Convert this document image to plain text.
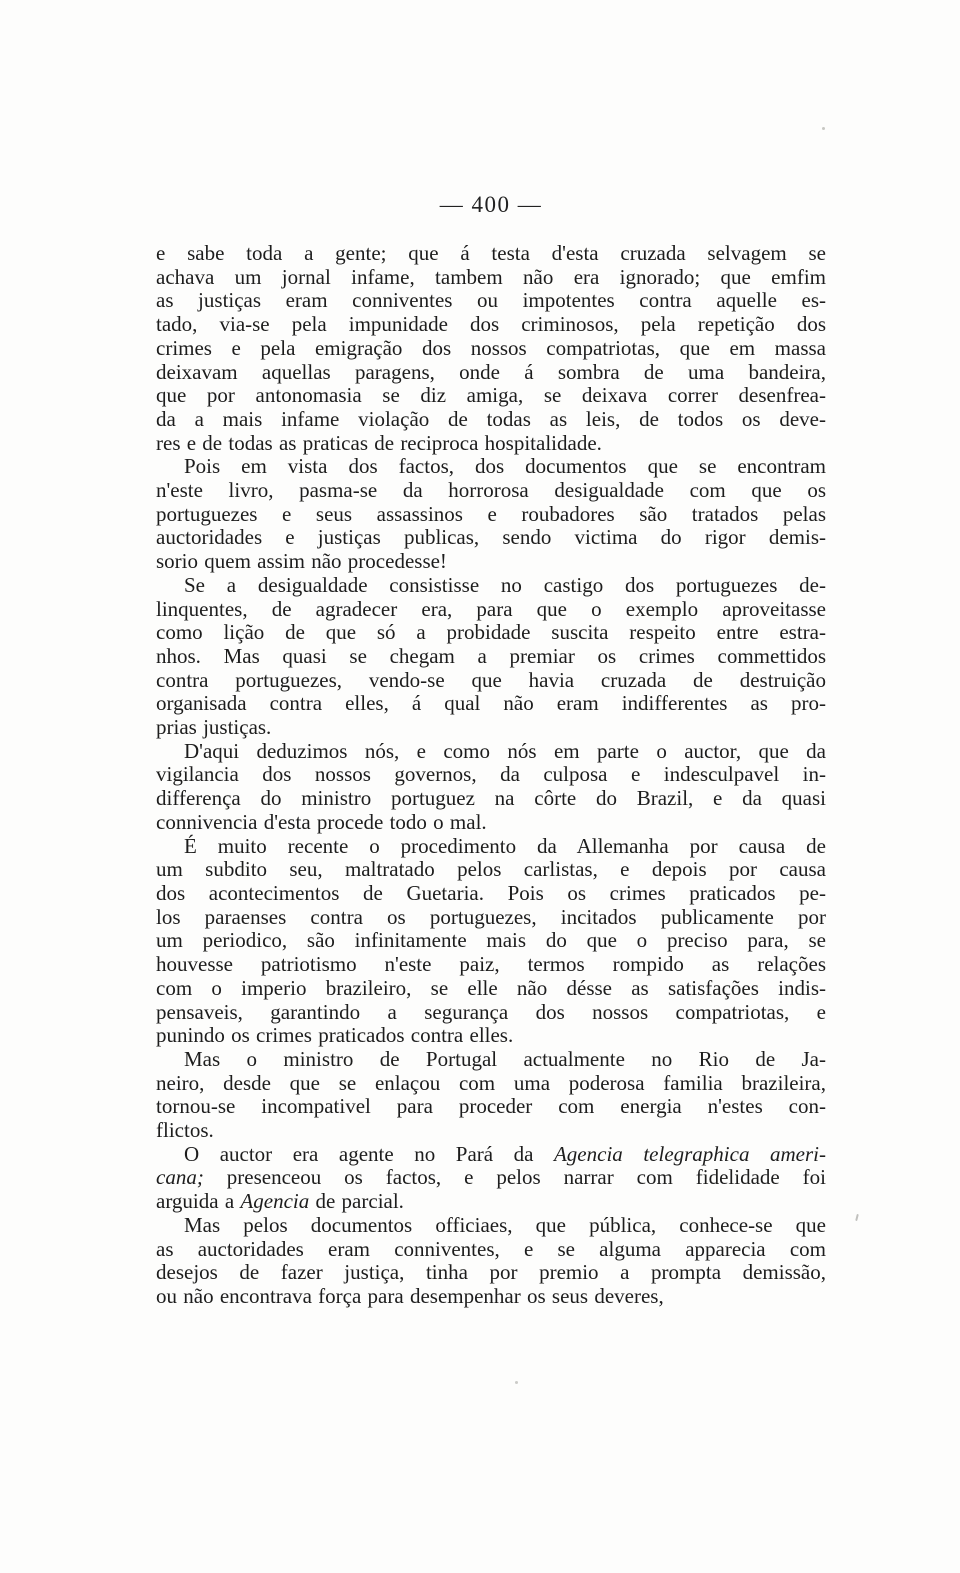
— 400 —
e sabe toda a gente; que á testa d'esta cruzada selvagem se
achava um jornal infame, tambem não era ignorado; que emfim
as justiças eram conniventes ou impotentes contra aquelle es-
tado, via-se pela impunidade dos criminosos, pela repetição dos
crimes e pela emigração dos nossos compatriotas, que em massa
deixavam aquellas paragens, onde á sombra de uma bandeira,
que por antonomasia se diz amiga, se deixava correr desenfrea-
da a mais infame violação de todas as leis, de todos os deve-
res e de todas as praticas de reciproca hospitalidade.
Pois em vista dos factos, dos documentos que se encontram
n'este livro, pasma-se da horrorosa desigualdade com que os
portuguezes e seus assassinos e roubadores são tratados pelas
auctoridades e justiças publicas, sendo victima do rigor demis-
sorio quem assim não procedesse!
Se a desigualdade consistisse no castigo dos portuguezes de-
linquentes, de agradecer era, para que o exemplo aproveitasse
como lição de que só a probidade suscita respeito entre estra-
nhos. Mas quasi se chegam a premiar os crimes commettidos
contra portuguezes, vendo-se que havia cruzada de destruição
organisada contra elles, á qual não eram indifferentes as pro-
prias justiças.
D'aqui deduzimos nós, e como nós em parte o auctor, que da
vigilancia dos nossos governos, da culposa e indesculpavel in-
differença do ministro portuguez na côrte do Brazil, e da quasi
connivencia d'esta procede todo o mal.
É muito recente o procedimento da Allemanha por causa de
um subdito seu, maltratado pelos carlistas, e depois por causa
dos acontecimentos de Guetaria. Pois os crimes praticados pe-
los paraenses contra os portuguezes, incitados publicamente por
um periodico, são infinitamente mais do que o preciso para, se
houvesse patriotismo n'este paiz, termos rompido as relações
com o imperio brazileiro, se elle não désse as satisfações indis-
pensaveis, garantindo a segurança dos nossos compatriotas, e
punindo os crimes praticados contra elles.
Mas o ministro de Portugal actualmente no Rio de Ja-
neiro, desde que se enlaçou com uma poderosa familia brazileira,
tornou-se incompativel para proceder com energia n'estes con-
flictos.
O auctor era agente no Pará da Agencia telegraphica ameri-
cana; presenceou os factos, e pelos narrar com fidelidade foi
arguida a Agencia de parcial.
Mas pelos documentos officiaes, que pública, conhece-se que
as auctoridades eram conniventes, e se alguma apparecia com
desejos de fazer justiça, tinha por premio a prompta demissão,
ou não encontrava força para desempenhar os seus deveres,
